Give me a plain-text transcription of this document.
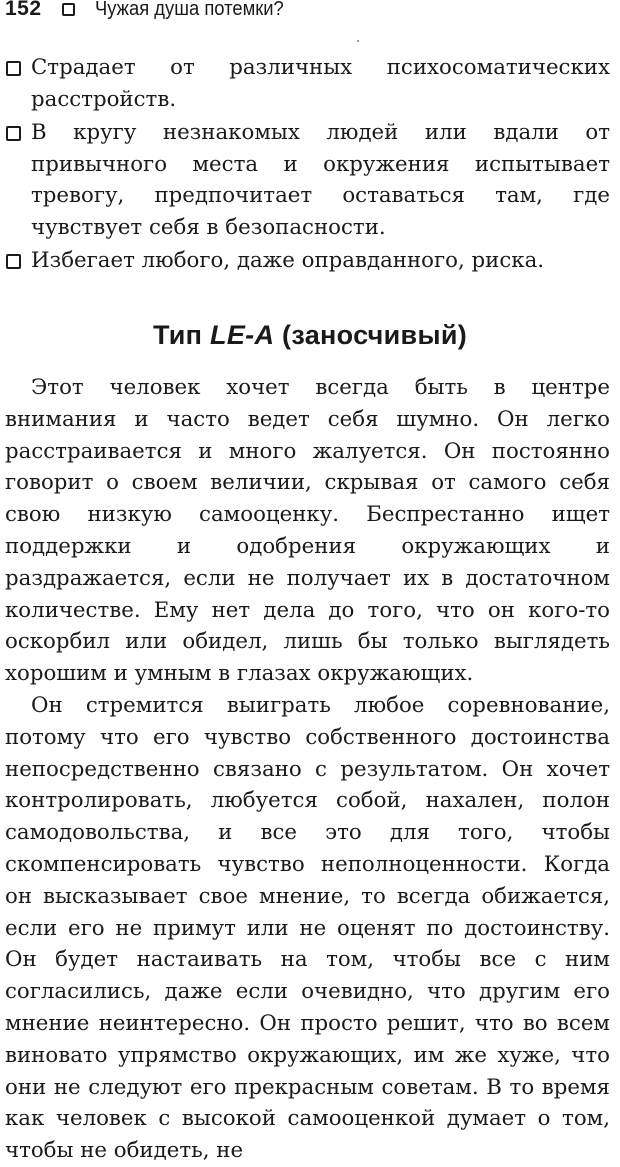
152	Чужая душа потемки?
Страдает от различных психосоматических расстройств.
В кругу незнакомых людей или вдали от привычного места и окружения испытывает тревогу, предпочитает оставаться там, где чувствует себя в безопасности.
Избегает любого, даже оправданного, риска.
Тип LE-A (заносчивый)

Этот человек хочет всегда быть в центре внимания и часто ведет себя шумно. Он легко расстраивается и много жалуется. Он постоянно говорит о своем величии, скрывая от самого себя свою низкую самооценку. Беспрестанно ищет поддержки и одобрения окружающих и раздражается, если не получает их в достаточном количестве. Ему нет дела до того, что он кого-то оскорбил или обидел, лишь бы только выглядеть хорошим и умным в глазах окружающих.

Он стремится выиграть любое соревнование, потому что его чувство собственного достоинства непосредственно связано с результатом. Он хочет контролировать, любуется собой, нахален, полон самодовольства, и все это для того, чтобы скомпенсировать чувство неполноценности. Когда он высказывает свое мнение, то всегда обижается, если его не примут или не оценят по достоинству. Он будет настаивать на том, чтобы все с ним согласились, даже если очевидно, что другим его мнение неинтересно. Он просто решит, что во всем виновато упрямство окружающих, им же хуже, что они не следуют его прекрасным советам. В то время как человек с высокой самооценкой думает о том, чтобы не обидеть, не
